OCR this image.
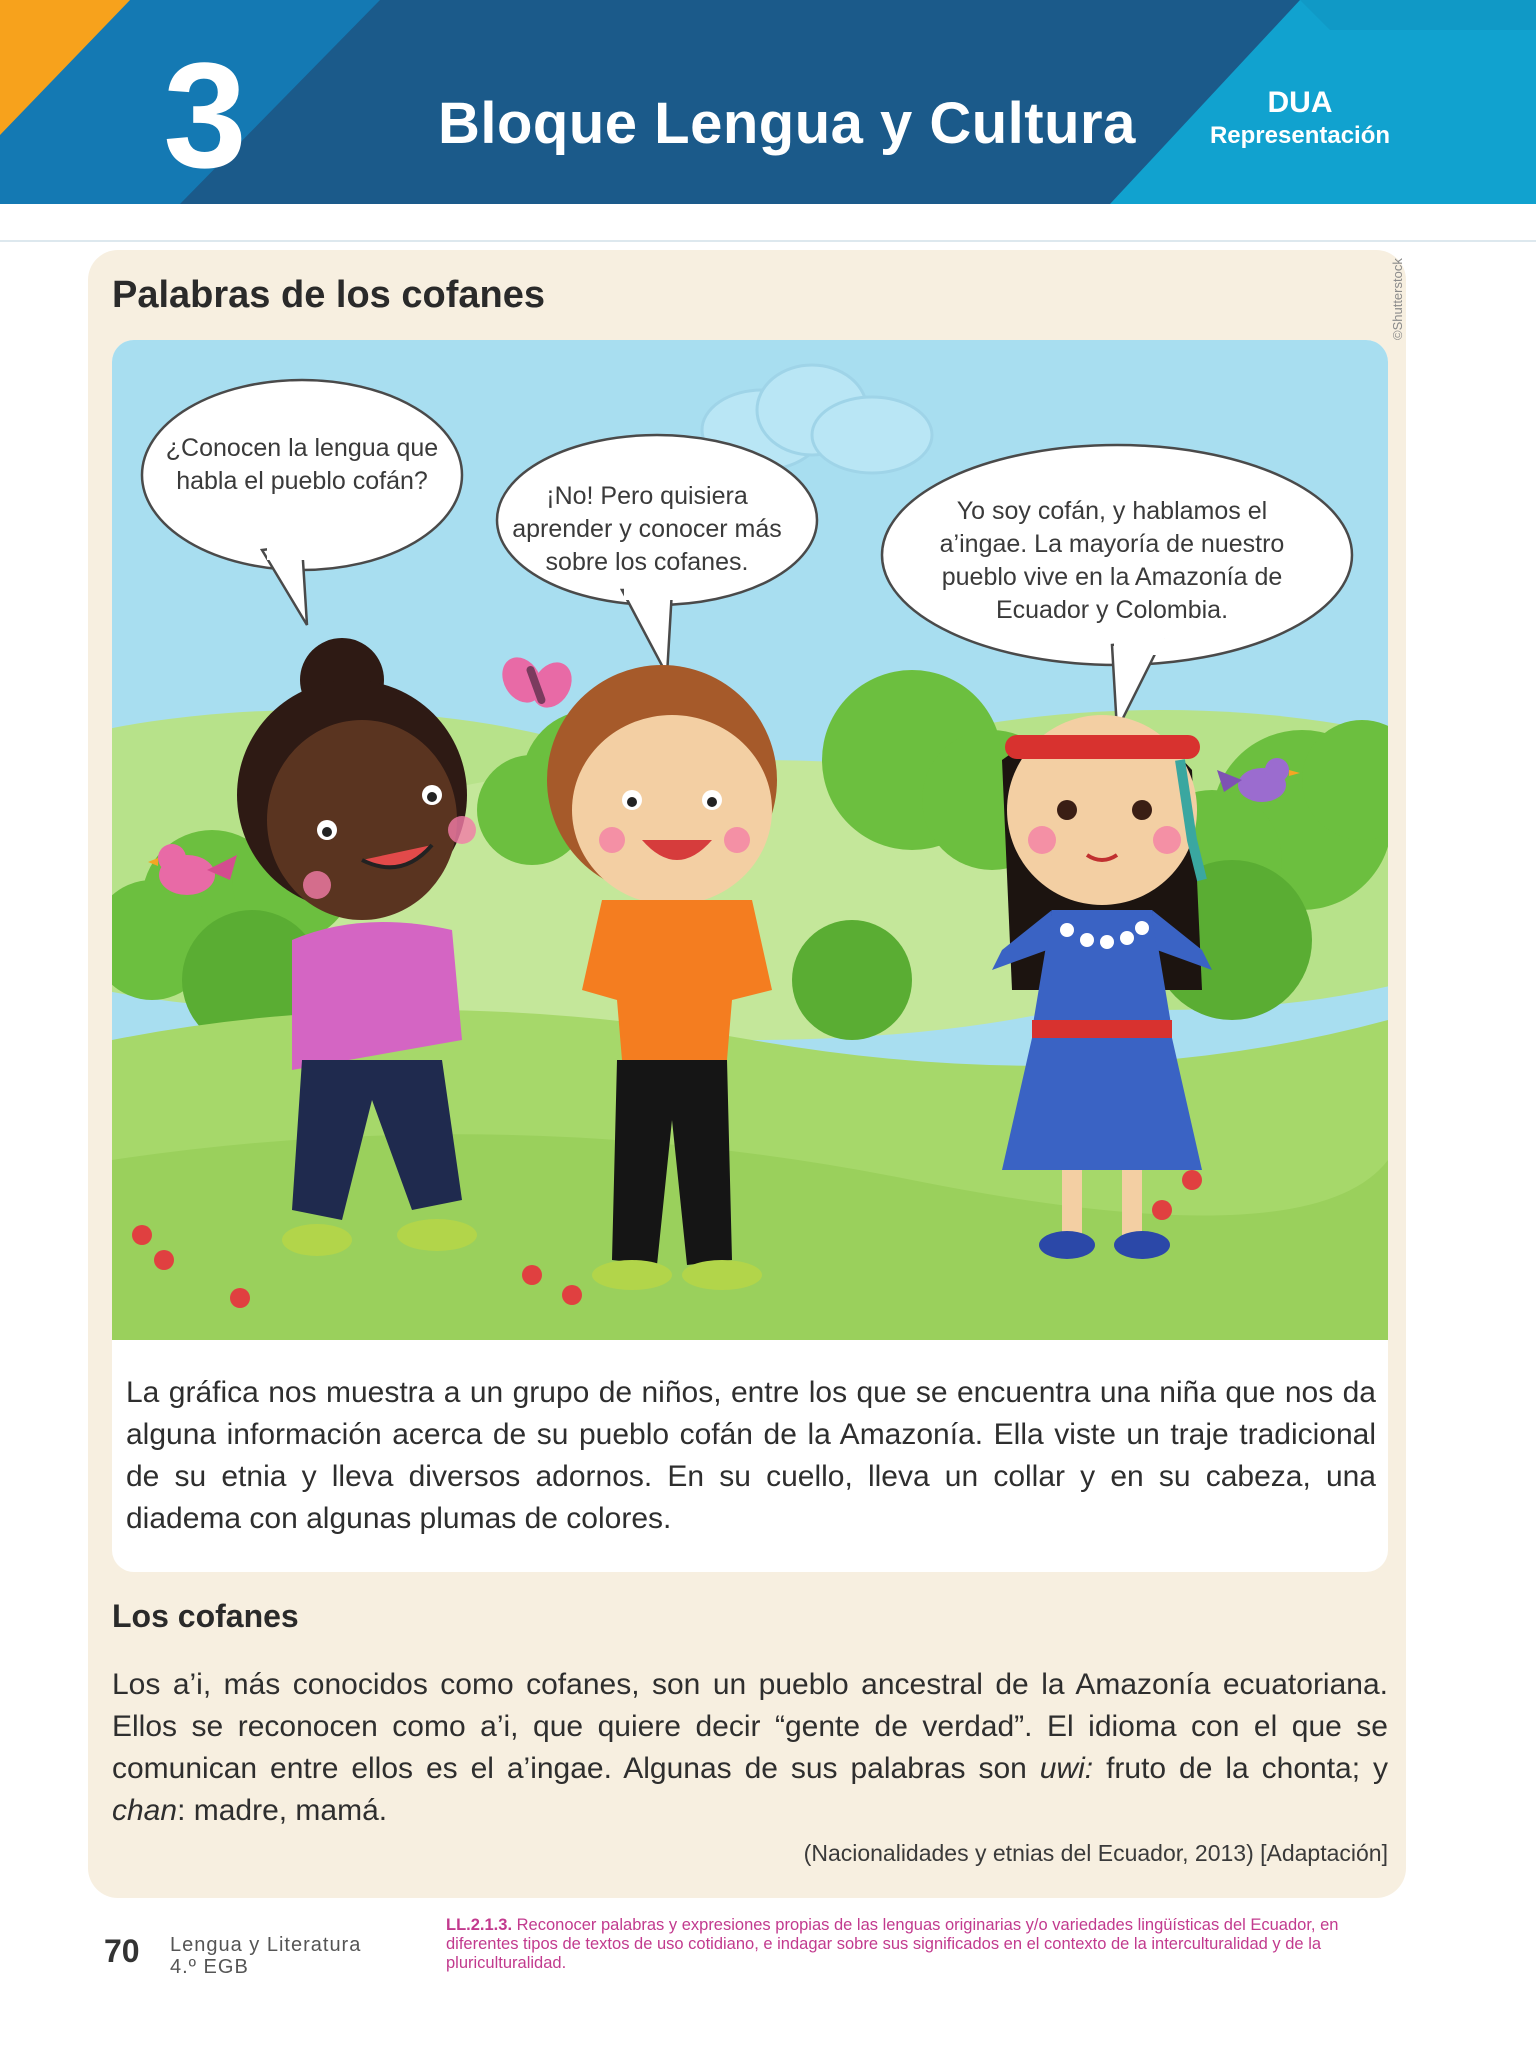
3	Bloque Lengua y Cultura	DUA
Representación
Palabras de los cofanes	©Shutterstock
¿Conocen la lengua que habla el pueblo cofán?
¡No! Pero quisiera aprender y conocer más sobre los cofanes.
Yo soy cofán, y hablamos el a’ingae. La mayoría de nuestro pueblo vive en la Amazonía de Ecuador y Colombia.
La gráfica nos muestra a un grupo de niños, entre los que se encuentra una niña que nos da alguna información acerca de su pueblo cofán de la Amazonía. Ella viste un traje tradicional de su etnia y lleva diversos adornos. En su cuello, lleva un collar y en su cabeza, una diadema con algunas plumas de colores.
Los cofanes
Los a’i, más conocidos como cofanes, son un pueblo ancestral de la Amazonía ecuatoriana. Ellos se reconocen como a’i, que quiere decir “gente de verdad”. El idioma con el que se comunican entre ellos es el a’ingae. Algunas de sus palabras son uwi: fruto de la chonta; y chan: madre, mamá.
(Nacionalidades y etnias del Ecuador, 2013) [Adaptación]
70 Lengua y Literatura
4.º EGB
LL.2.1.3. Reconocer palabras y expresiones propias de las lenguas originarias y/o variedades lingüísticas del Ecuador, en diferentes tipos de textos de uso cotidiano, e indagar sobre sus significados en el contexto de la interculturalidad y de la pluriculturalidad.
